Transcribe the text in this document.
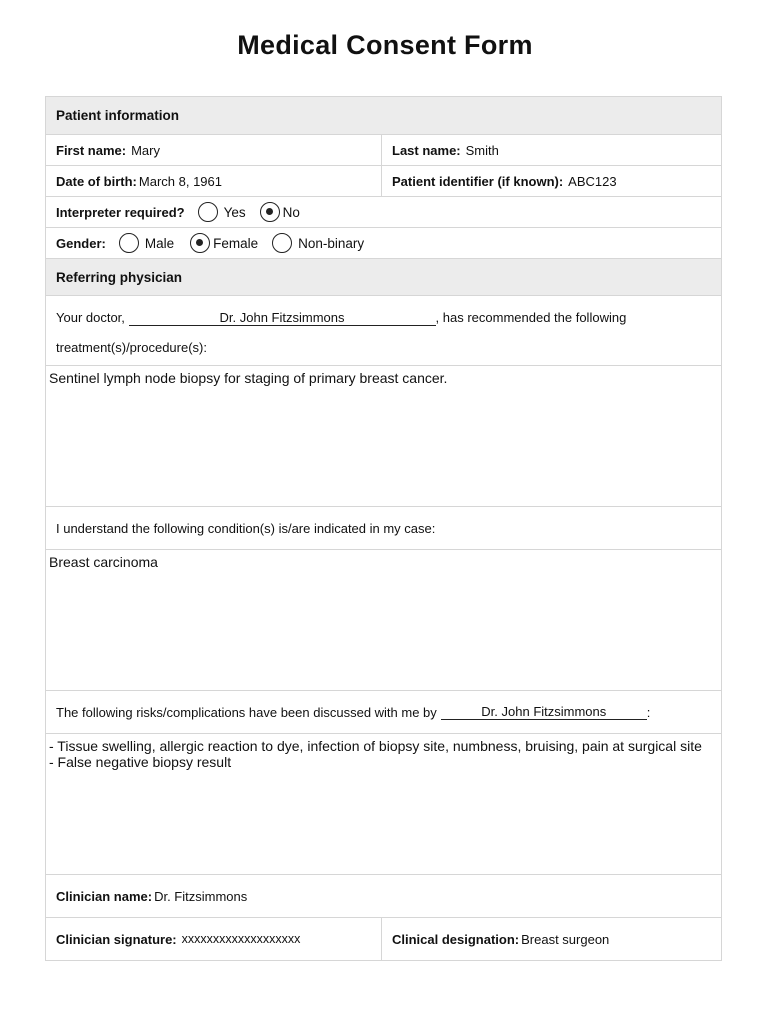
Medical Consent Form
Patient information
First name: Mary	Last name: Smith
Date of birth: March 8, 1961	Patient identifier (if known): ABC123
Interpreter required?	Yes	No
Gender:	Male	Female	Non-binary
Referring physician
Your doctor,	Dr. John Fitzsimmons	, has recommended the following
treatment(s)/procedure(s):
Sentinel lymph node biopsy for staging of primary breast cancer.
I understand the following condition(s) is/are indicated in my case:
Breast carcinoma
The following risks/complications have been discussed with me by	Dr. John Fitzsimmons	:
- Tissue swelling, allergic reaction to dye, infection of biopsy site, numbness, bruising, pain at surgical site
- False negative biopsy result
Clinician name: Dr. Fitzsimmons
Clinician signature: xxxxxxxxxxxxxxxxxxx	Clinical designation: Breast surgeon
